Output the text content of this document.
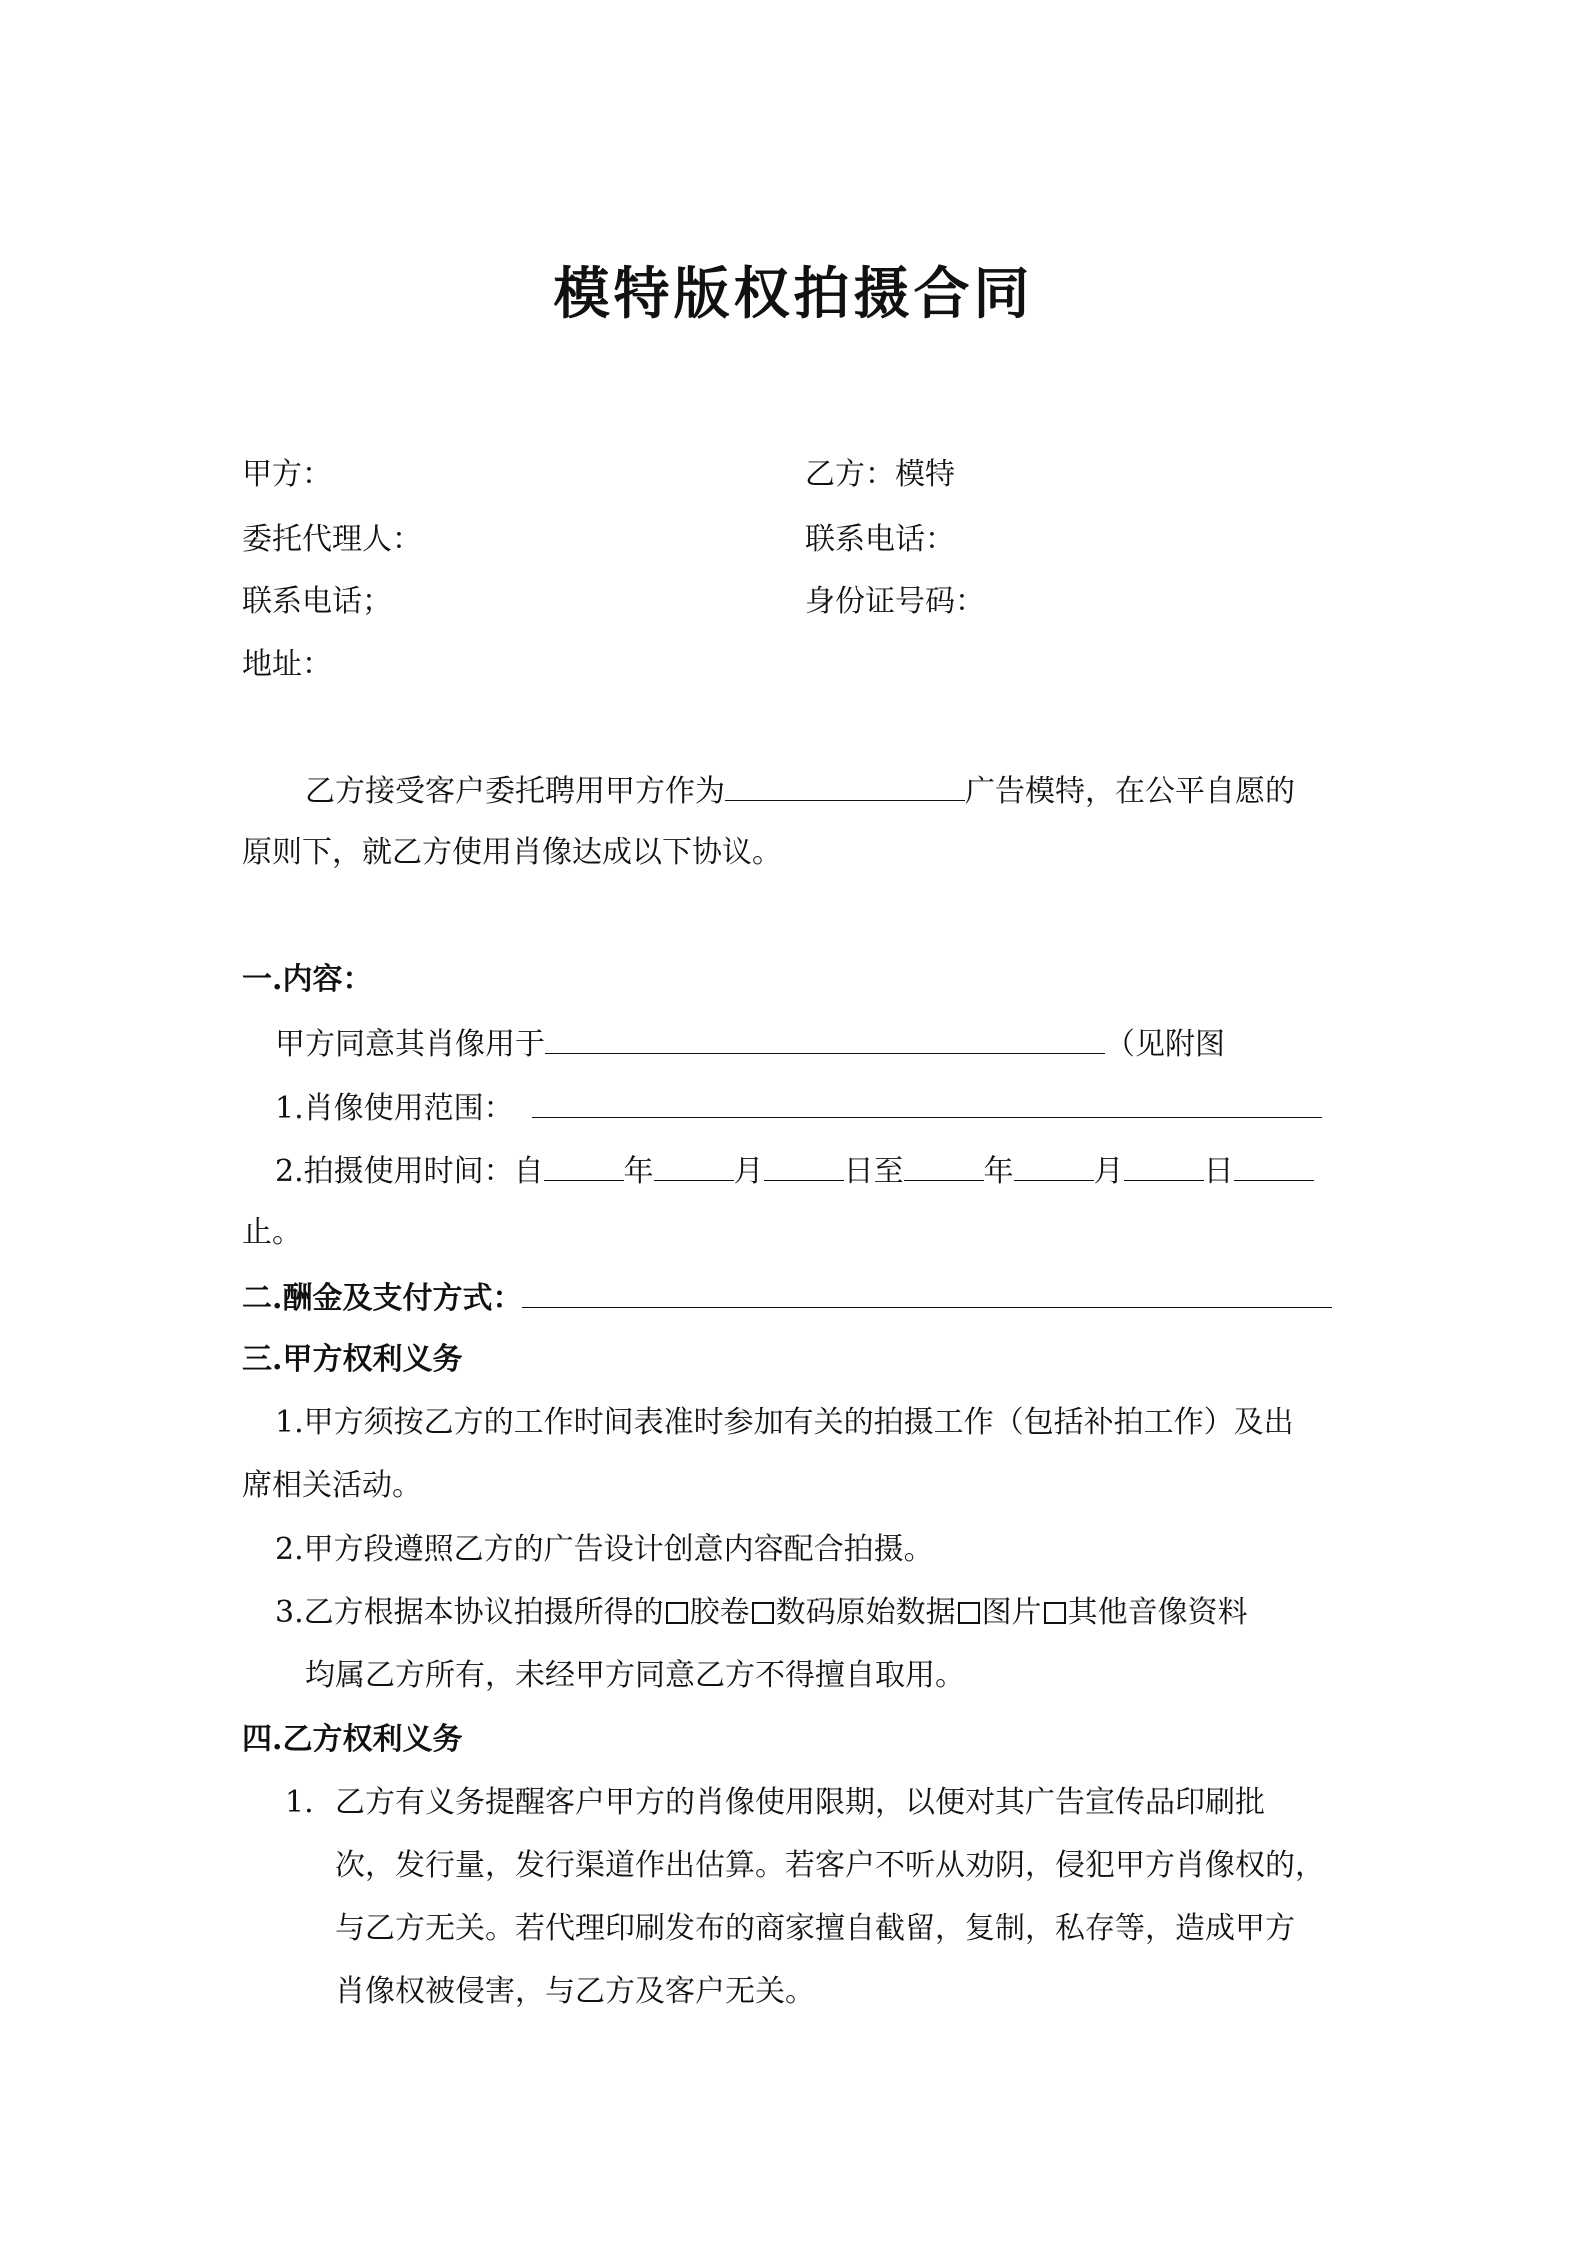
模特版权拍摄合同
甲方：	乙方：模特
委托代理人：	联系电话：
联系电话；	身份证号码：
地址：
乙方接受客户委托聘用甲方作为	广告模特，在公平自愿的
原则下，就乙方使用肖像达成以下协议。
一.内容：
甲方同意其肖像用于	（见附图
1.肖像使用范围：
2.拍摄使用时间：自	年	月	日至	年	月	日
止。
二.酬金及支付方式：
三.甲方权利义务
1.甲方须按乙方的工作时间表准时参加有关的拍摄工作（包括补拍工作）及出
席相关活动。
2.甲方段遵照乙方的广告设计创意内容配合拍摄。
3.乙方根据本协议拍摄所得的 胶卷 数码原始数据 图片 其他音像资料
均属乙方所有，未经甲方同意乙方不得擅自取用。
四.乙方权利义务
1. 乙方有义务提醒客户甲方的肖像使用限期，以便对其广告宣传品印刷批
次，发行量，发行渠道作出估算。若客户不听从劝阴，侵犯甲方肖像权的，
与乙方无关。若代理印刷发布的商家擅自截留，复制，私存等，造成甲方
肖像权被侵害，与乙方及客户无关。
